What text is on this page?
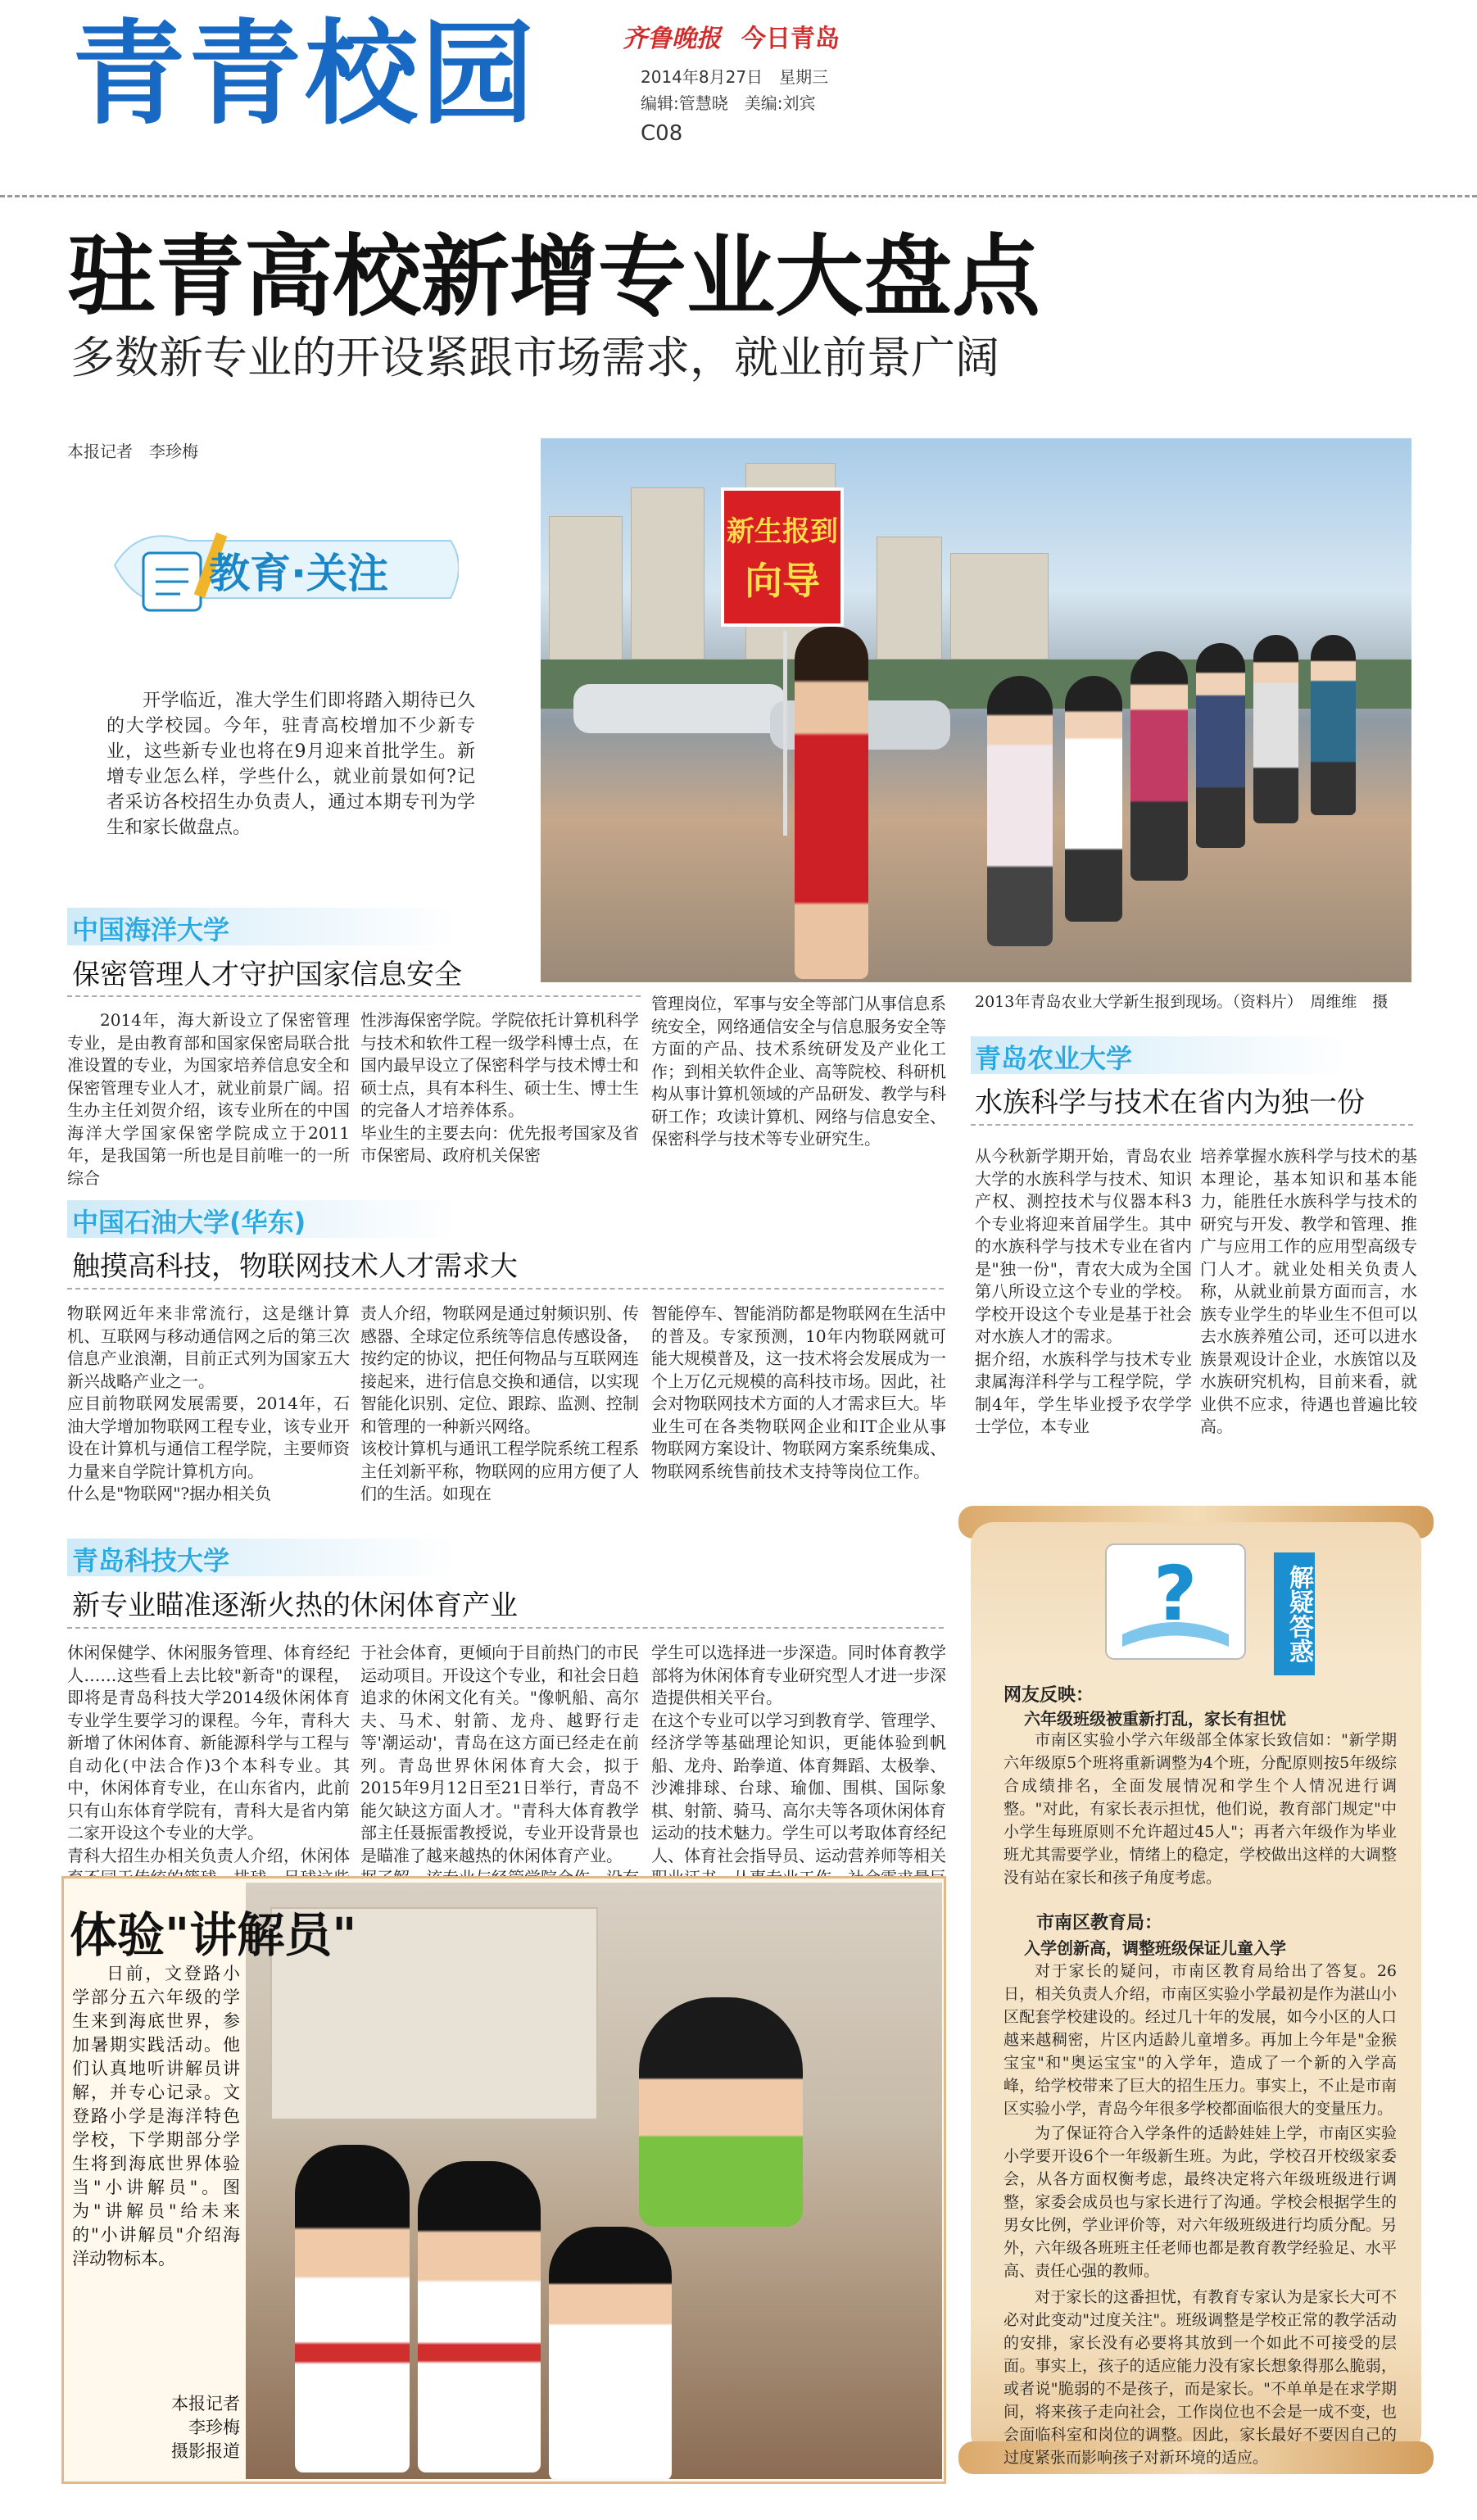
青青校园	齐鲁晚报 今日青岛
2014年8月27日　星期三
编辑:管慧晓　美编:刘宾
C08
驻青高校新增专业大盘点
多数新专业的开设紧跟市场需求，就业前景广阔
本报记者　李珍梅
教育·关注
开学临近，准大学生们即将踏入期待已久的大学校园。今年，驻青高校增加不少新专业，这些新专业也将在9月迎来首批学生。新增专业怎么样，学些什么，就业前景如何?记者采访各校招生办负责人，通过本期专刊为学生和家长做盘点。
新生报到
向导
2013年青岛农业大学新生报到现场。（资料片）　周维维　摄
中国海洋大学
保密管理人才守护国家信息安全
2014年，海大新设立了保密管理专业，是由教育部和国家保密局联合批准设置的专业，为国家培养信息安全和保密管理专业人才，就业前景广阔。招生办主任刘贺介绍，该专业所在的中国海洋大学国家保密学院成立于2011年，是我国第一所也是目前唯一的一所综合
性涉海保密学院。学院依托计算机科学与技术和软件工程一级学科博士点，在国内最早设立了保密科学与技术博士和硕士点，具有本科生、硕士生、博士生的完备人才培养体系。
毕业生的主要去向：优先报考国家及省市保密局、政府机关保密
管理岗位，军事与安全等部门从事信息系统安全，网络通信安全与信息服务安全等方面的产品、技术系统研发及产业化工作；到相关软件企业、高等院校、科研机构从事计算机领域的产品研发、教学与科研工作；攻读计算机、网络与信息安全、保密科学与技术等专业研究生。
中国石油大学(华东)
触摸高科技，物联网技术人才需求大
物联网近年来非常流行，这是继计算机、互联网与移动通信网之后的第三次信息产业浪潮，目前正式列为国家五大新兴战略产业之一。
应目前物联网发展需要，2014年，石油大学增加物联网工程专业，该专业开设在计算机与通信工程学院，主要师资力量来自学院计算机方向。
什么是"物联网"?据办相关负
责人介绍，物联网是通过射频识别、传感器、全球定位系统等信息传感设备，按约定的协议，把任何物品与互联网连接起来，进行信息交换和通信，以实现智能化识别、定位、跟踪、监测、控制和管理的一种新兴网络。
该校计算机与通讯工程学院系统工程系主任刘新平称，物联网的应用方便了人们的生活。如现在
智能停车、智能消防都是物联网在生活中的普及。专家预测，10年内物联网就可能大规模普及，这一技术将会发展成为一个上万亿元规模的高科技市场。因此，社会对物联网技术方面的人才需求巨大。毕业生可在各类物联网企业和IT企业从事物联网方案设计、物联网方案系统集成、物联网系统售前技术支持等岗位工作。
青岛科技大学
新专业瞄准逐渐火热的休闲体育产业
休闲保健学、休闲服务管理、体育经纪人……这些看上去比较"新奇"的课程，即将是青岛科技大学2014级休闲体育专业学生要学习的课程。今年，青科大新增了休闲体育、新能源科学与工程与自动化(中法合作)3个本科专业。其中，休闲体育专业，在山东省内，此前只有山东体育学院有，青科大是省内第二家开设这个专业的大学。
青科大招生办相关负责人介绍，休闲体
于社会体育，更倾向于目前热门的市民运动项目。开设这个专业，和社会日趋追求的休闲文化有关。"像帆船、高尔夫、马术、射箭、龙舟、越野行走等'潮运动'，青岛在这方面已经走在前列。青岛世界休闲体育大会，拟于2015年9月12日至21日举行，青岛不能欠缺这方面人才。"青科大体育教学部主任聂振雷教授说，专业开设背景也是瞄准了越来越热的休闲体育产业。

学生可以选择进一步深造。同时体育教学部将为休闲体育专业研究型人才进一步深造提供相关平台。
在这个专业可以学习到教育学、管理学、经济学等基础理论知识，更能体验到帆船、龙舟、跆拳道、体育舞蹈、太极拳、沙滩排球、台球、瑜伽、围棋、国际象棋、射箭、骑马、高尔夫等各项休闲体育运动的技术魅力。学生可以考取体育经纪人、体育社会指导员、运动营养师等相关
青岛农业大学
水族科学与技术在省内为独一份
从今秋新学期开始，青岛农业大学的水族科学与技术、知识产权、测控技术与仪器本科3个专业将迎来首届学生。其中的水族科学与技术专业在省内是"独一份"，青农大成为全国第八所设立这个专业的学校。学校开设这个专业是基于社会对水族人才的需求。
据介绍，水族科学与技术专业隶属海洋科学与工程学院，学制4年，学生毕业授予农学学士学位，本专业
培养掌握水族科学与技术的基本理论，基本知识和基本能力，能胜任水族科学与技术的研究与开发、教学和管理、推广与应用工作的应用型高级专门人才。就业处相关负责人称，从就业前景方面而言，水族专业学生的毕业生不但可以去水族养殖公司，还可以进水族景观设计企业，水族馆以及水族研究机构，目前来看，就业供不应求，待遇也普遍比较高。
?	解疑答惑
网友反映：
六年级班级被重新打乱，家长有担忧
市南区实验小学六年级部全体家长致信如："新学期六年级原5个班将重新调整为4个班，分配原则按5年级综合成绩排名，全面发展情况和学生个人情况进行调整。"对此，有家长表示担忧，他们说，教育部门规定"中小学生每班原则不允许超过45人"；再者六年级作为毕业班尤其需要学业，情绪上的稳定，学校做出这样的大调整没有站在家长和孩子角度考虑。
市南区教育局：
入学创新高，调整班级保证儿童入学
对于家长的疑问，市南区教育局给出了答复。26日，相关负责人介绍，市南区实验小学最初是作为湛山小区配套学校建设的。经过几十年的发展，如今小区的人口越来越稠密，片区内适龄儿童增多。再加上今年是"金猴宝宝"和"奥运宝宝"的入学年，造成了一个新的入学高峰，给学校带来了巨大的招生压力。事实上，不止是市南区实验小学，青岛今年很多学校都面临很大的变量压力。
为了保证符合入学条件的适龄娃娃上学，市南区实验小学要开设6个一年级新生班。为此，学校召开校级家委会，从各方面权衡考虑，最终决定将六年级班级进行调整，家委会成员也与家长进行了沟通。学校会根据学生的男女比例，学业评价等，对六年级班级进行均质分配。另外，六年级各班班主任老师也都是教育教学经验足、水平高、责任心强的教师。
对于家长的这番担忧，有教育专家认为是家长大可不必对此变动"过度关注"。班级调整是学校正常的教学活动的安排，家长没有必要将其放到一个如此不可接受的层面。事实上，孩子的适应能力没有家长想象得那么脆弱，或者说"脆弱的不是孩子，而是家长。"不单单是在求学期间，将来孩子走向社会，工作岗位也不会是一成不变，也会面临科室和岗位的调整。因此，家长最好不要因自己的过度紧张而影响孩子对新环境的适应。
体验"讲解员"
日前，文登路小学部分五六年级的学生来到海底世界，参加暑期实践活动。他们认真地听讲解员讲解，并专心记录。文登路小学是海洋特色学校，下学期部分学生将到海底世界体验当"小讲解员"。图为"讲解员"给未来的"小讲解员"介绍海洋动物标本。
本报记者
李珍梅
摄影报道
